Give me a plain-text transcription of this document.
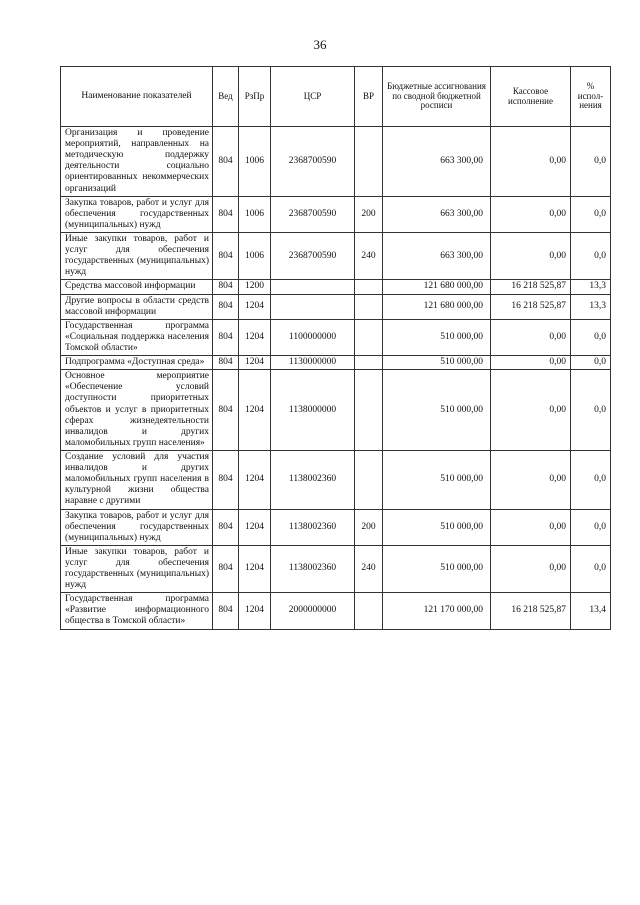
36
Наименование показателей	Вед	РзПр	ЦСР	ВР	Бюджетные ассигнования по сводной бюджетной росписи	Кассовое исполнение	% испол- нения
Организация и проведение мероприятий, направленных на методическую поддержку деятельности социально ориентированных некоммерческих организаций	804	1006	2368700590		663 300,00	0,00	0,0
Закупка товаров, работ и услуг для обеспечения государственных (муниципальных) нужд	804	1006	2368700590	200	663 300,00	0,00	0,0
Иные закупки товаров, работ и услуг для обеспечения государственных (муниципальных) нужд	804	1006	2368700590	240	663 300,00	0,00	0,0
Средства массовой информации	804	1200			121 680 000,00	16 218 525,87	13,3
Другие вопросы в области средств массовой информации	804	1204			121 680 000,00	16 218 525,87	13,3
Государственная программа «Социальная поддержка населения Томской области»	804	1204	1100000000		510 000,00	0,00	0,0
Подпрограмма «Доступная среда»	804	1204	1130000000		510 000,00	0,00	0,0
Основное мероприятие «Обеспечение условий доступности приоритетных объектов и услуг в приоритетных сферах жизнедеятельности инвалидов и других маломобильных групп населения»	804	1204	1138000000		510 000,00	0,00	0,0
Создание условий для участия инвалидов и других маломобильных групп населения в культурной жизни общества наравне с другими	804	1204	1138002360		510 000,00	0,00	0,0
Закупка товаров, работ и услуг для обеспечения государственных (муниципальных) нужд	804	1204	1138002360	200	510 000,00	0,00	0,0
Иные закупки товаров, работ и услуг для обеспечения государственных (муниципальных) нужд	804	1204	1138002360	240	510 000,00	0,00	0,0
Государственная программа «Развитие информационного общества в Томской области»	804	1204	2000000000		121 170 000,00	16 218 525,87	13,4
